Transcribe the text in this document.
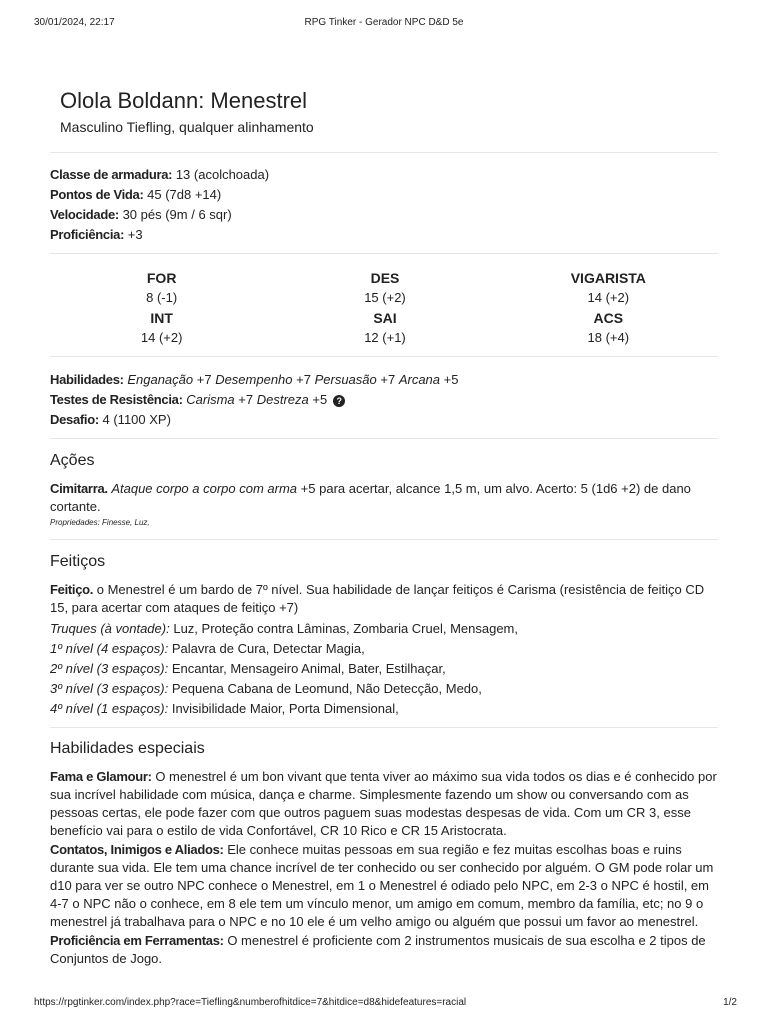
30/01/2024, 22:17	RPG Tinker - Gerador NPC D&D 5e
Olola Boldann: Menestrel
Masculino Tiefling, qualquer alinhamento
Classe de armadura: 13 (acolchoada)
Pontos de Vida: 45 (7d8 +14)
Velocidade: 30 pés (9m / 6 sqr)
Proficiência: +3
FOR
8 (-1)
DES
15 (+2)
VIGARISTA
14 (+2)
INT
14 (+2)
SAI
12 (+1)
ACS
18 (+4)
Habilidades: Enganação +7 Desempenho +7 Persuasão +7 Arcana +5
Testes de Resistência: Carisma +7 Destreza +5 ?
Desafio: 4 (1100 XP)
Ações
Cimitarra. Ataque corpo a corpo com arma +5 para acertar, alcance 1,5 m, um alvo. Acerto: 5 (1d6 +2) de dano cortante.
Propriedades: Finesse, Luz,
Feitiços
Feitiço. o Menestrel é um bardo de 7º nível. Sua habilidade de lançar feitiços é Carisma (resistência de feitiço CD 15, para acertar com ataques de feitiço +7)
Truques (à vontade): Luz, Proteção contra Lâminas, Zombaria Cruel, Mensagem,
1º nível (4 espaços): Palavra de Cura, Detectar Magia,
2º nível (3 espaços): Encantar, Mensageiro Animal, Bater, Estilhaçar,
3º nível (3 espaços): Pequena Cabana de Leomund, Não Detecção, Medo,
4º nível (1 espaços): Invisibilidade Maior, Porta Dimensional,
Habilidades especiais
Fama e Glamour: O menestrel é um bon vivant que tenta viver ao máximo sua vida todos os dias e é conhecido por sua incrível habilidade com música, dança e charme. Simplesmente fazendo um show ou conversando com as pessoas certas, ele pode fazer com que outros paguem suas modestas despesas de vida. Com um CR 3, esse benefício vai para o estilo de vida Confortável, CR 10 Rico e CR 15 Aristocrata.
Contatos, Inimigos e Aliados: Ele conhece muitas pessoas em sua região e fez muitas escolhas boas e ruins durante sua vida. Ele tem uma chance incrível de ter conhecido ou ser conhecido por alguém. O GM pode rolar um d10 para ver se outro NPC conhece o Menestrel, em 1 o Menestrel é odiado pelo NPC, em 2-3 o NPC é hostil, em 4-7 o NPC não o conhece, em 8 ele tem um vínculo menor, um amigo em comum, membro da família, etc; no 9 o menestrel já trabalhava para o NPC e no 10 ele é um velho amigo ou alguém que possui um favor ao menestrel.
Proficiência em Ferramentas: O menestrel é proficiente com 2 instrumentos musicais de sua escolha e 2 tipos de Conjuntos de Jogo.
https://rpgtinker.com/index.php?race=Tiefling&numberofhitdice=7&hitdice=d8&hidefeatures=racial	1/2
